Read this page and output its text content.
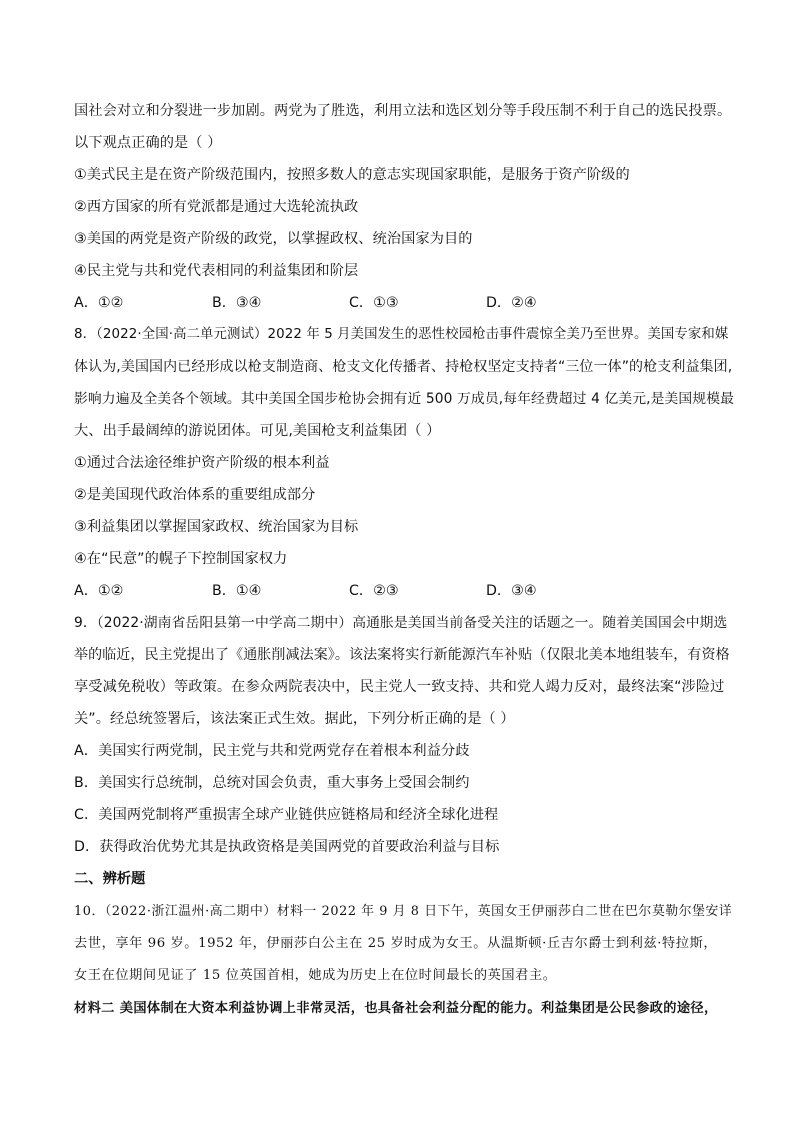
国社会对立和分裂进一步加剧。两党为了胜选，利用立法和选区划分等手段压制不利于自己的选民投票。
以下观点正确的是（ ）
①美式民主是在资产阶级范围内，按照多数人的意志实现国家职能，是服务于资产阶级的
②西方国家的所有党派都是通过大选轮流执政
③美国的两党是资产阶级的政党，以掌握政权、统治国家为目的
④民主党与共和党代表相同的利益集团和阶层
A．①②	B．③④	C．①③	D．②④
8．（2022·全国·高二单元测试）2022 年 5 月美国发生的恶性校园枪击事件震惊全美乃至世界。美国专家和媒
体认为,美国国内已经形成以枪支制造商、枪支文化传播者、持枪权坚定支持者“三位一体”的枪支利益集团,
影响力遍及全美各个领域。其中美国全国步枪协会拥有近 500 万成员,每年经费超过 4 亿美元,是美国规模最
大、出手最阔绰的游说团体。可见,美国枪支利益集团（ ）
①通过合法途径维护资产阶级的根本利益
②是美国现代政治体系的重要组成部分
③利益集团以掌握国家政权、统治国家为目标
④在“民意”的幌子下控制国家权力
A．①②	B．①④	C．②③	D．③④
9．（2022·湖南省岳阳县第一中学高二期中）高通胀是美国当前备受关注的话题之一。随着美国国会中期选
举的临近，民主党提出了《通胀削减法案》。该法案将实行新能源汽车补贴（仅限北美本地组装车，有资格
享受减免税收）等政策。在参众两院表决中，民主党人一致支持、共和党人竭力反对，最终法案“涉险过
关”。经总统签署后，该法案正式生效。据此，下列分析正确的是（ ）
A．美国实行两党制，民主党与共和党两党存在着根本利益分歧
B．美国实行总统制，总统对国会负责，重大事务上受国会制约
C．美国两党制将严重损害全球产业链供应链格局和经济全球化进程
D．获得政治优势尤其是执政资格是美国两党的首要政治利益与目标
二、辨析题
10．（2022·浙江温州·高二期中）材料一 2022 年 9 月 8 日下午，英国女王伊丽莎白二世在巴尔莫勒尔堡安详
去世，享年 96 岁。1952 年，伊丽莎白公主在 25 岁时成为女王。从温斯顿·丘吉尔爵士到利兹·特拉斯，
女王在位期间见证了 15 位英国首相，她成为历史上在位时间最长的英国君主。
材料二 美国体制在大资本利益协调上非常灵活，也具备社会利益分配的能力。利益集团是公民参政的途径，
